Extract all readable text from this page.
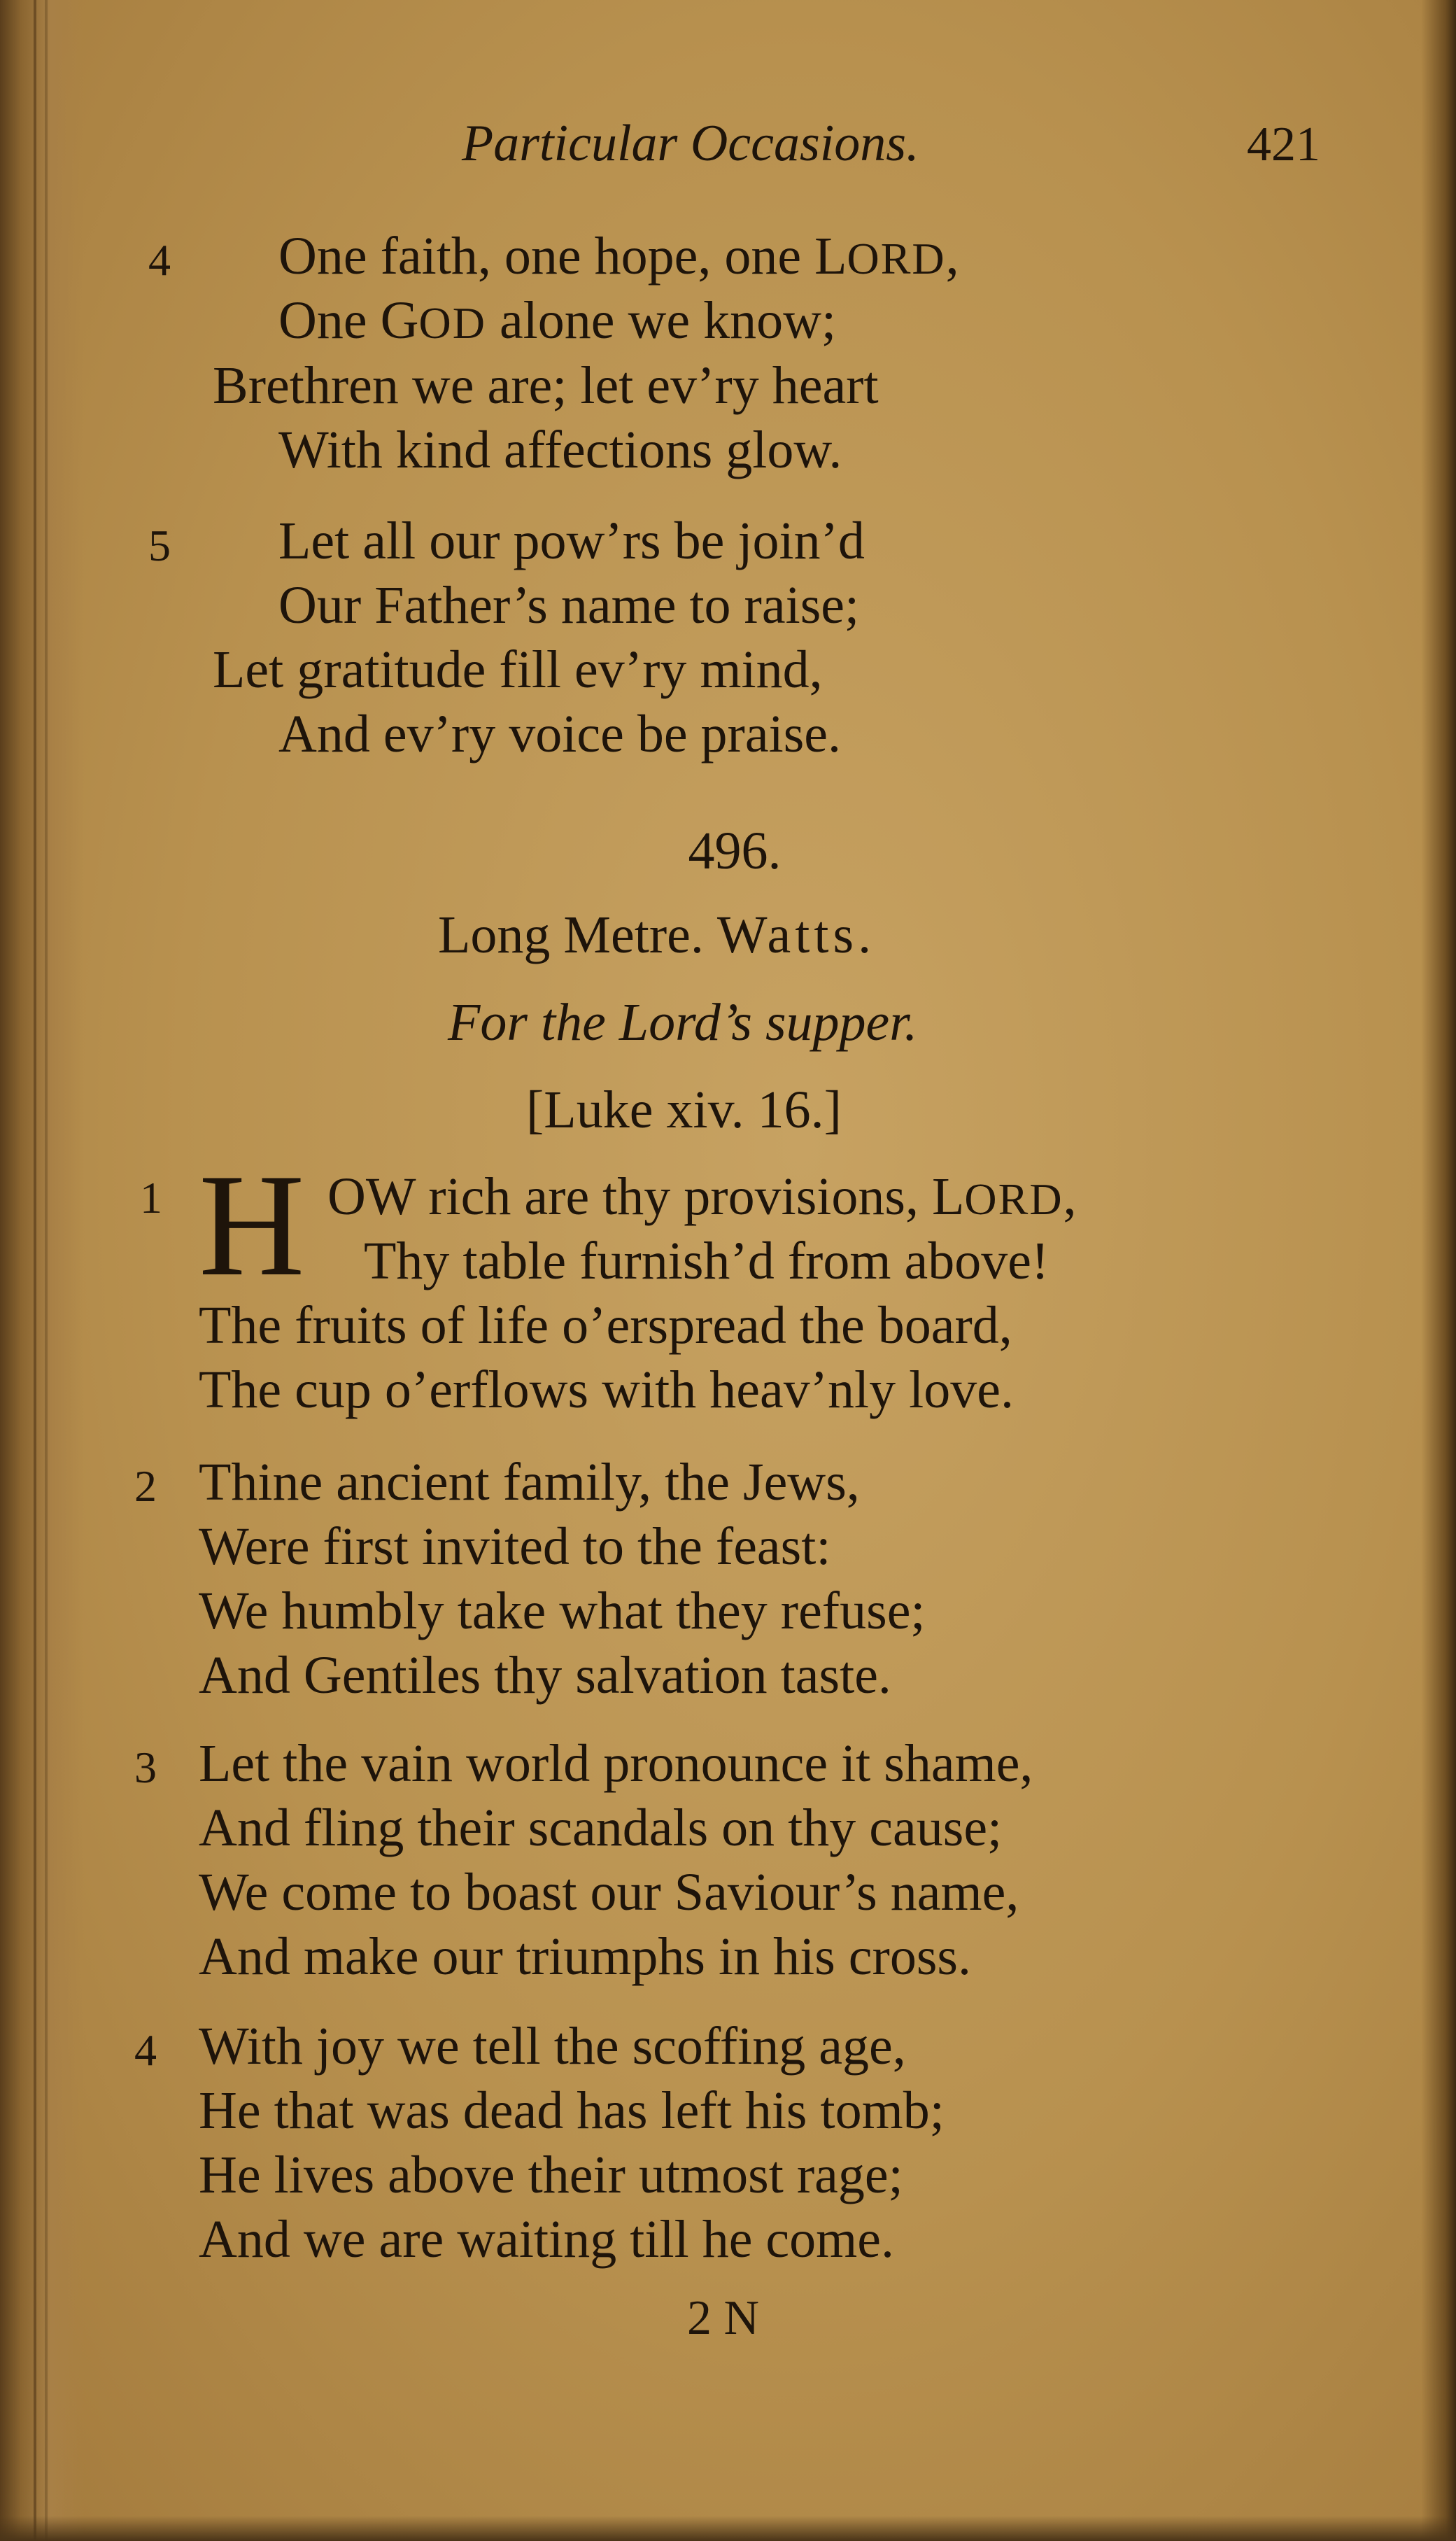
Particular Occasions.	421
4 One faith, one hope, one LORD,
One GOD alone we know;
Brethren we are; let ev’ry heart
With kind affections glow.
5 Let all our pow’rs be join’d
Our Father’s name to raise;
Let gratitude fill ev’ry mind,
And ev’ry voice be praise.
496.
Long Metre. Watts.
For the Lord’s supper.
[Luke xiv. 16.]
1 H OW rich are thy provisions, LORD,
Thy table furnish’d from above!
The fruits of life o’erspread the board,
The cup o’erflows with heav’nly love.
2 Thine ancient family, the Jews,
Were first invited to the feast:
We humbly take what they refuse;
And Gentiles thy salvation taste.
3 Let the vain world pronounce it shame,
And fling their scandals on thy cause;
We come to boast our Saviour’s name,
And make our triumphs in his cross.
4 With joy we tell the scoffing age,
He that was dead has left his tomb;
He lives above their utmost rage;
And we are waiting till he come.
2 N
